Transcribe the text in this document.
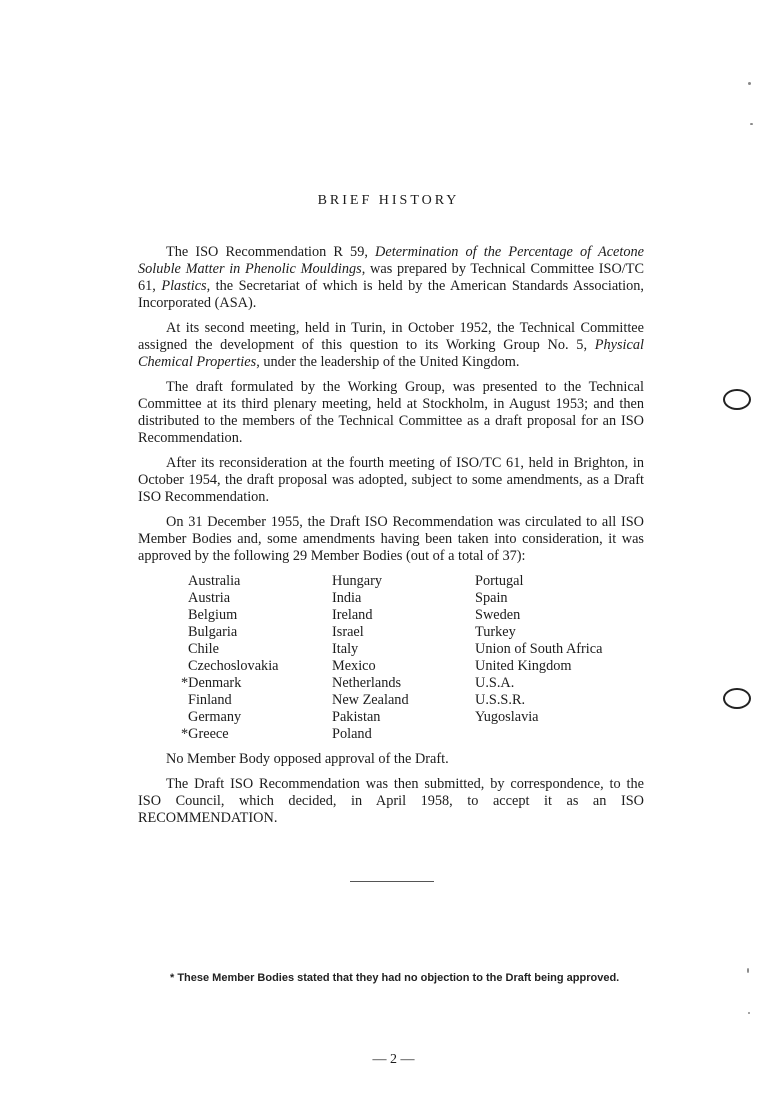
BRIEF HISTORY

The ISO Recommendation R 59, Determination of the Percentage of Acetone Soluble Matter in Phenolic Mouldings, was prepared by Technical Committee ISO/TC 61, Plastics, the Secretariat of which is held by the American Standards Association, Incorporated (ASA).

At its second meeting, held in Turin, in October 1952, the Technical Committee assigned the development of this question to its Working Group No. 5, Physical Chemical Properties, under the leadership of the United Kingdom.

The draft formulated by the Working Group, was presented to the Technical Committee at its third plenary meeting, held at Stockholm, in August 1953; and then distributed to the members of the Technical Committee as a draft proposal for an ISO Recommendation.

After its reconsideration at the fourth meeting of ISO/TC 61, held in Brighton, in October 1954, the draft proposal was adopted, subject to some amendments, as a Draft ISO Recommendation.

On 31 December 1955, the Draft ISO Recommendation was circulated to all ISO Member Bodies and, some amendments having been taken into consideration, it was approved by the following 29 Member Bodies (out of a total of 37):

Australia
Austria
Belgium
Bulgaria
Chile
Czechoslovakia
*Denmark
Finland
Germany
*Greece
Hungary
India
Ireland
Israel
Italy
Mexico
Netherlands
New Zealand
Pakistan
Poland
Portugal
Spain
Sweden
Turkey
Union of South Africa
United Kingdom
U.S.A.
U.S.S.R.
Yugoslavia

No Member Body opposed approval of the Draft.

The Draft ISO Recommendation was then submitted, by correspondence, to the ISO Council, which decided, in April 1958, to accept it as an ISO RECOMMENDATION.

* These Member Bodies stated that they had no objection to the Draft being approved.
— 2 —
